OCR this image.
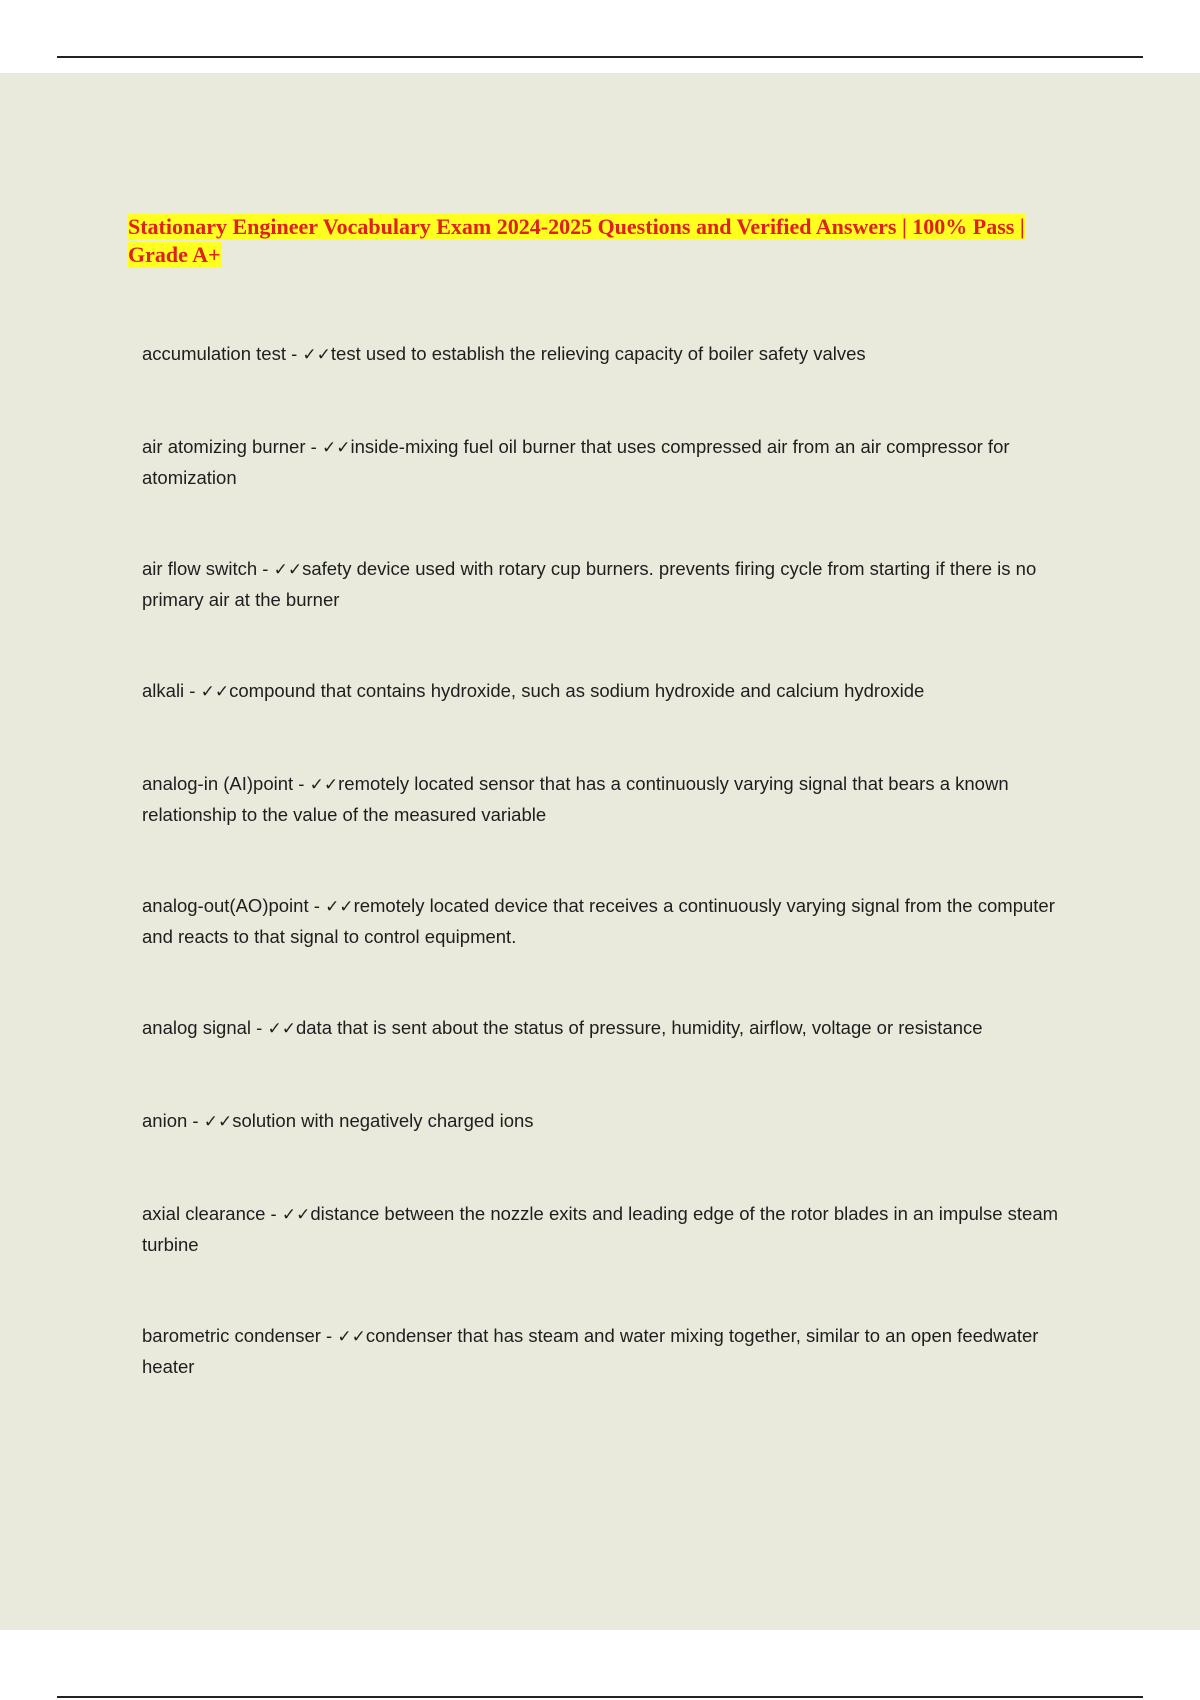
Stationary Engineer Vocabulary Exam 2024-2025 Questions and Verified Answers | 100% Pass | Grade A+
accumulation test - ✓✓test used to establish the relieving capacity of boiler safety valves
air atomizing burner - ✓✓inside-mixing fuel oil burner that uses compressed air from an air compressor for atomization
air flow switch - ✓✓safety device used with rotary cup burners. prevents firing cycle from starting if there is no primary air at the burner
alkali - ✓✓compound that contains hydroxide, such as sodium hydroxide and calcium hydroxide
analog-in (AI)point - ✓✓remotely located sensor that has a continuously varying signal that bears a known relationship to the value of the measured variable
analog-out(AO)point - ✓✓remotely located device that receives a continuously varying signal from the computer and reacts to that signal to control equipment.
analog signal - ✓✓data that is sent about the status of pressure, humidity, airflow, voltage or resistance
anion - ✓✓solution with negatively charged ions
axial clearance - ✓✓distance between the nozzle exits and leading edge of the rotor blades in an impulse steam turbine
barometric condenser - ✓✓condenser that has steam and water mixing together, similar to an open feedwater heater
